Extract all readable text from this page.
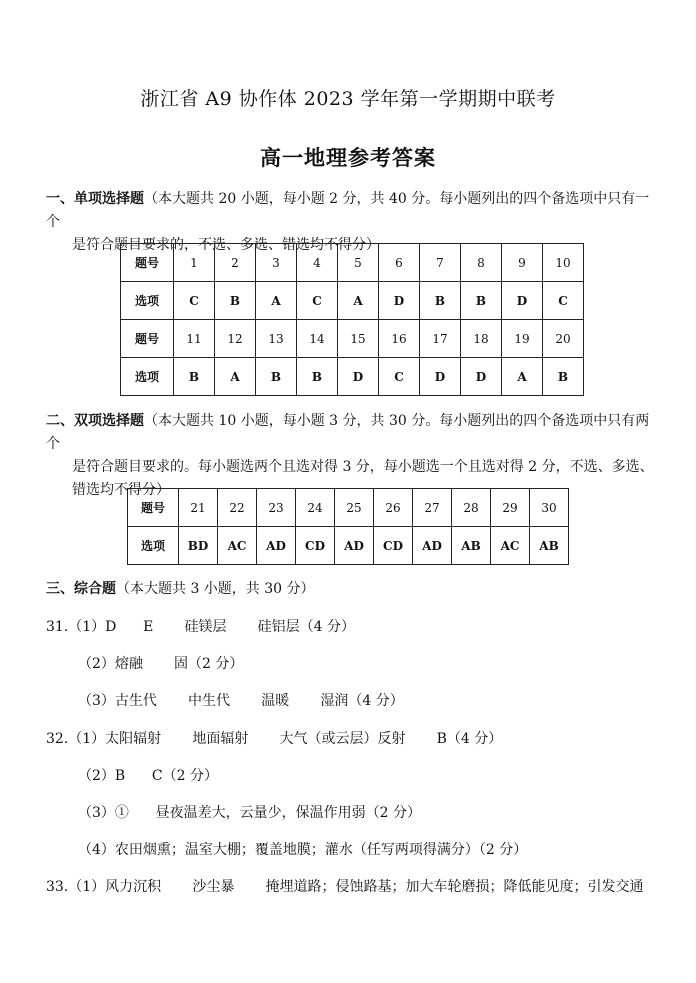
浙江省 A9 协作体 2023 学年第一学期期中联考
高一地理参考答案
一、单项选择题（本大题共 20 小题，每小题 2 分，共 40 分。每小题列出的四个备选项中只有一个
是符合题目要求的，不选、多选、错选均不得分）
题号	1	2	3	4	5	6	7	8	9	10
选项	C	B	A	C	A	D	B	B	D	C
题号	11	12	13	14	15	16	17	18	19	20
选项	B	A	B	B	D	C	D	D	A	B
二、双项选择题（本大题共 10 小题，每小题 3 分，共 30 分。每小题列出的四个备选项中只有两个
是符合题目要求的。每小题选两个且选对得 3 分，每小题选一个且选对得 2 分，不选、多选、
错选均不得分）
题号	21	22	23	24	25	26	27	28	29	30
选项	BD	AC	AD	CD	AD	CD	AD	AB	AC	AB
三、综合题（本大题共 3 小题，共 30 分）
31.（1）D      E       硅镁层       硅铝层（4 分）
（2）熔融       固（2 分）
（3）古生代       中生代       温暖       湿润（4 分）
32.（1）太阳辐射       地面辐射       大气（或云层）反射       B（4 分）
（2）B      C（2 分）
（3）①      昼夜温差大，云量少，保温作用弱（2 分）
（4）农田烟熏；温室大棚；覆盖地膜；灌水（任写两项得满分）（2 分）
33.（1）风力沉积       沙尘暴       掩埋道路；侵蚀路基；加大车轮磨损；降低能见度；引发交通
